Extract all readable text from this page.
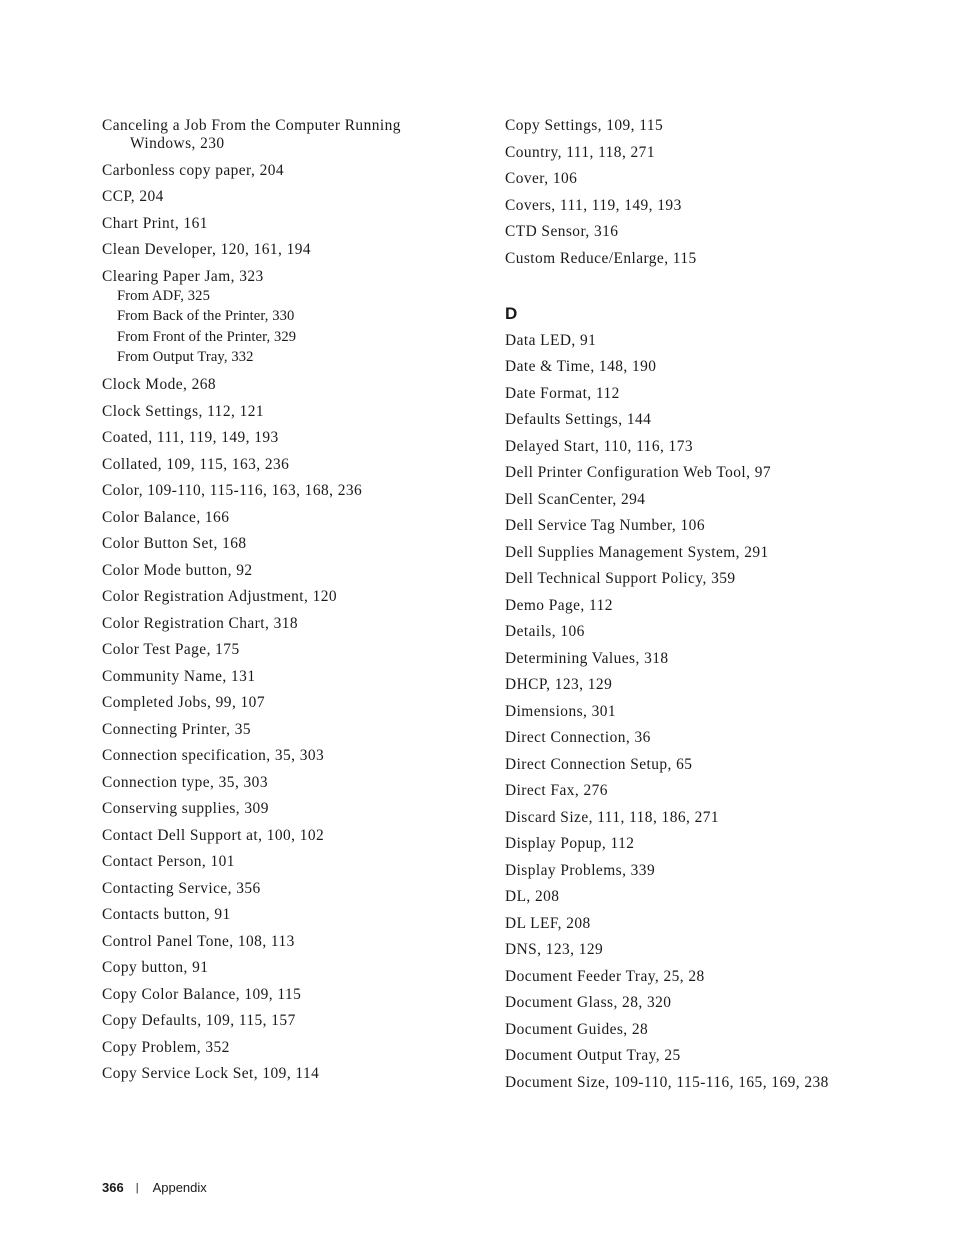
Canceling a Job From the Computer Running
Windows, 230
Carbonless copy paper, 204
CCP, 204
Chart Print, 161
Clean Developer, 120, 161, 194
Clearing Paper Jam, 323
From ADF, 325
From Back of the Printer, 330
From Front of the Printer, 329
From Output Tray, 332
Clock Mode, 268
Clock Settings, 112, 121
Coated, 111, 119, 149, 193
Collated, 109, 115, 163, 236
Color, 109-110, 115-116, 163, 168, 236
Color Balance, 166
Color Button Set, 168
Color Mode button, 92
Color Registration Adjustment, 120
Color Registration Chart, 318
Color Test Page, 175
Community Name, 131
Completed Jobs, 99, 107
Connecting Printer, 35
Connection specification, 35, 303
Connection type, 35, 303
Conserving supplies, 309
Contact Dell Support at, 100, 102
Contact Person, 101
Contacting Service, 356
Contacts button, 91
Control Panel Tone, 108, 113
Copy button, 91
Copy Color Balance, 109, 115
Copy Defaults, 109, 115, 157
Copy Problem, 352
Copy Service Lock Set, 109, 114
Copy Settings, 109, 115
Country, 111, 118, 271
Cover, 106
Covers, 111, 119, 149, 193
CTD Sensor, 316
Custom Reduce/Enlarge, 115
D
Data LED, 91
Date & Time, 148, 190
Date Format, 112
Defaults Settings, 144
Delayed Start, 110, 116, 173
Dell Printer Configuration Web Tool, 97
Dell ScanCenter, 294
Dell Service Tag Number, 106
Dell Supplies Management System, 291
Dell Technical Support Policy, 359
Demo Page, 112
Details, 106
Determining Values, 318
DHCP, 123, 129
Dimensions, 301
Direct Connection, 36
Direct Connection Setup, 65
Direct Fax, 276
Discard Size, 111, 118, 186, 271
Display Popup, 112
Display Problems, 339
DL, 208
DL LEF, 208
DNS, 123, 129
Document Feeder Tray, 25, 28
Document Glass, 28, 320
Document Guides, 28
Document Output Tray, 25
Document Size, 109-110, 115-116, 165, 169, 238
366 | Appendix
